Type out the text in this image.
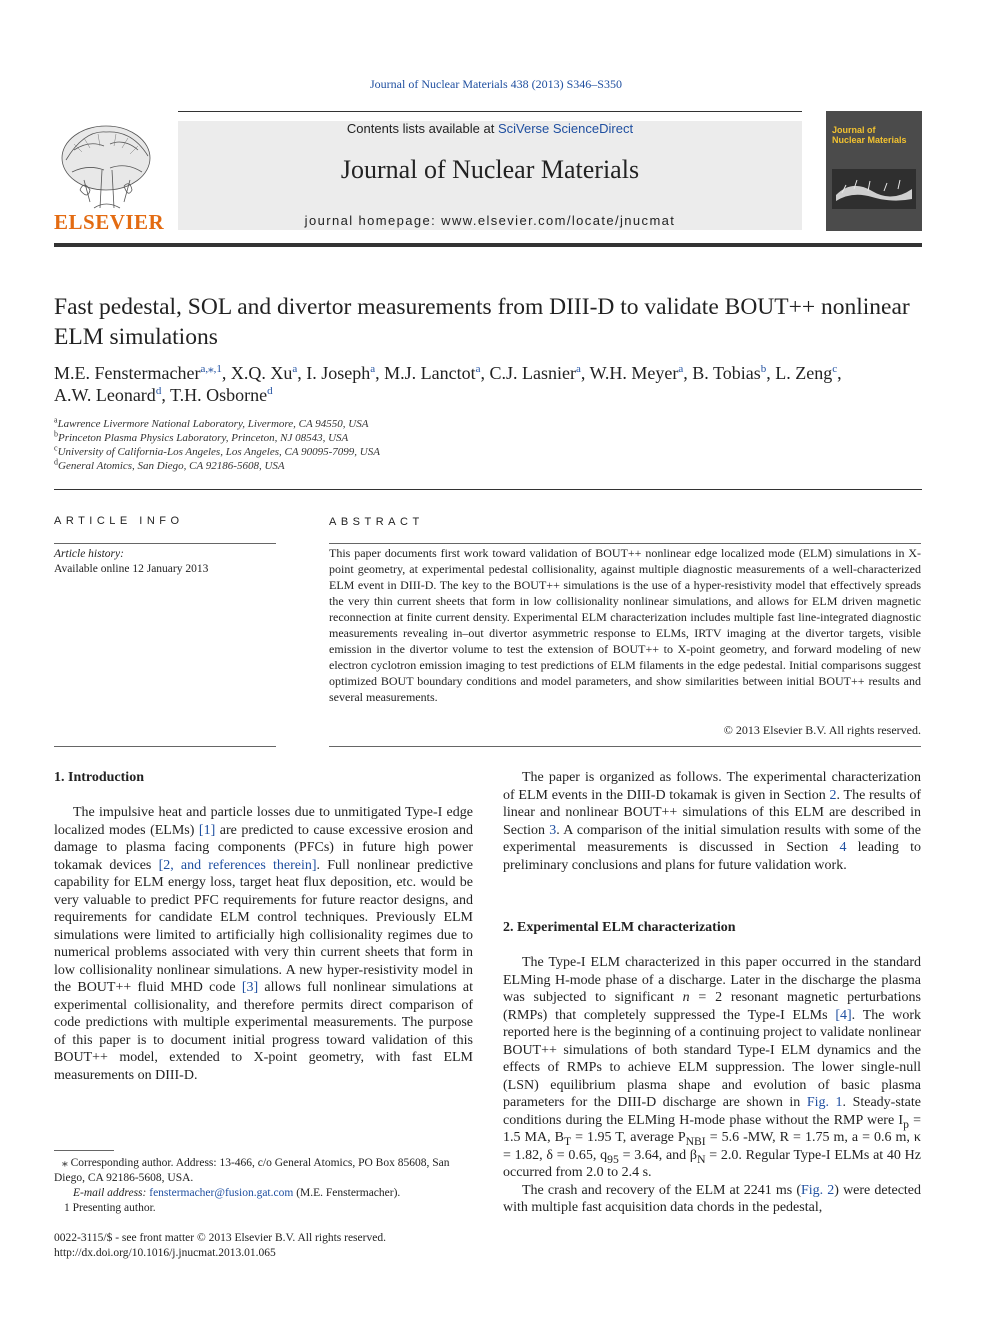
Journal of Nuclear Materials 438 (2013) S346–S350
ELSEVIER
Contents lists available at SciVerse ScienceDirect
Journal of Nuclear Materials
journal homepage: www.elsevier.com/locate/jnucmat
Journal of
Nuclear Materials
Fast pedestal, SOL and divertor measurements from DIII-D to validate BOUT++ nonlinear ELM simulations
M.E. Fenstermacher$^{a,⁎,1}$, X.Q. Xu$^a$, I. Joseph$^a$, M.J. Lanctot$^a$, C.J. Lasnier$^a$, W.H. Meyer$^a$, B. Tobias$^b$, L. Zeng$^c$,
A.W. Leonard$^d$, T.H. Osborne$^d$
$^a$Lawrence Livermore National Laboratory, Livermore, CA 94550, USA
$^b$Princeton Plasma Physics Laboratory, Princeton, NJ 08543, USA
$^c$University of California-Los Angeles, Los Angeles, CA 90095-7099, USA
$^d$General Atomics, San Diego, CA 92186-5608, USA
ARTICLE INFO
Article history:
Available online 12 January 2013
ABSTRACT
This paper documents first work toward validation of BOUT++ nonlinear edge localized mode (ELM) simulations in X-point geometry, at experimental pedestal collisionality, against multiple diagnostic measurements of a well-characterized ELM event in DIII-D. The key to the BOUT++ simulations is the use of a hyper-resistivity model that effectively spreads the very thin current sheets that form in low collisionality nonlinear simulations, and allows for ELM driven magnetic reconnection at finite current density. Experimental ELM characterization includes multiple fast line-integrated diagnostic measurements revealing in–out divertor asymmetric response to ELMs, IRTV imaging at the divertor targets, visible emission in the divertor volume to test the extension of BOUT++ to X-point geometry, and forward modeling of new electron cyclotron emission imaging to test predictions of ELM filaments in the edge pedestal. Initial comparisons suggest optimized BOUT boundary conditions and model parameters, and show similarities between initial BOUT++ results and several measurements.
© 2013 Elsevier B.V. All rights reserved.
1. Introduction

The impulsive heat and particle losses due to unmitigated Type-I edge localized modes (ELMs) [1] are predicted to cause excessive erosion and damage to plasma facing components (PFCs) in future high power tokamak devices [2, and references therein]. Full nonlinear predictive capability for ELM energy loss, target heat flux deposition, etc. would be very valuable to predict PFC requirements for future reactor designs, and requirements for candidate ELM control techniques. Previously ELM simulations were limited to artificially high collisionality regimes due to numerical problems associated with very thin current sheets that form in low collisionality nonlinear simulations. A new hyper-resistivity model in the BOUT++ fluid MHD code [3] allows full nonlinear simulations at experimental collisionality, and therefore permits direct comparison of code predictions with multiple experimental measurements. The purpose of this paper is to document initial progress toward validation of this BOUT++ model, extended to X-point geometry, with fast ELM measurements on DIII-D.

The paper is organized as follows. The experimental characterization of ELM events in the DIII-D tokamak is given in Section 2. The results of linear and nonlinear BOUT++ simulations of this ELM are described in Section 3. A comparison of the initial simulation results with some of the experimental measurements is discussed in Section 4 leading to preliminary conclusions and plans for future validation work.

2. Experimental ELM characterization

The Type-I ELM characterized in this paper occurred in the standard ELMing H-mode phase of a discharge. Later in the discharge the plasma was subjected to significant n = 2 resonant magnetic perturbations (RMPs) that completely suppressed the Type-I ELMs [4]. The work reported here is the beginning of a continuing project to validate nonlinear BOUT++ simulations of both standard Type-I ELM dynamics and the effects of RMPs to achieve ELM suppression. The lower single-null (LSN) equilibrium plasma shape and evolution of basic plasma parameters for the DIII-D discharge are shown in Fig. 1. Steady-state conditions during the ELMing H-mode phase without the RMP were $I_p = 1.5$ MA, $B_T = 1.95$ T, average $P_{NBI} = 5.6$ -MW, R = 1.75 m, a = 0.6 m, κ = 1.82, δ = 0.65, $q_{95} = 3.64$, and $\beta_N = 2.0$. Regular Type-I ELMs at 40 Hz occurred from 2.0 to 2.4 s.

The crash and recovery of the ELM at 2241 ms (Fig. 2) were detected with multiple fast acquisition data chords in the pedestal,

⁎ Corresponding author. Address: 13-466, c/o General Atomics, PO Box 85608, San Diego, CA 92186-5608, USA.
E-mail address: fenstermacher@fusion.gat.com (M.E. Fenstermacher).
1 Presenting author.
0022-3115/$ - see front matter © 2013 Elsevier B.V. All rights reserved.
http://dx.doi.org/10.1016/j.jnucmat.2013.01.065
